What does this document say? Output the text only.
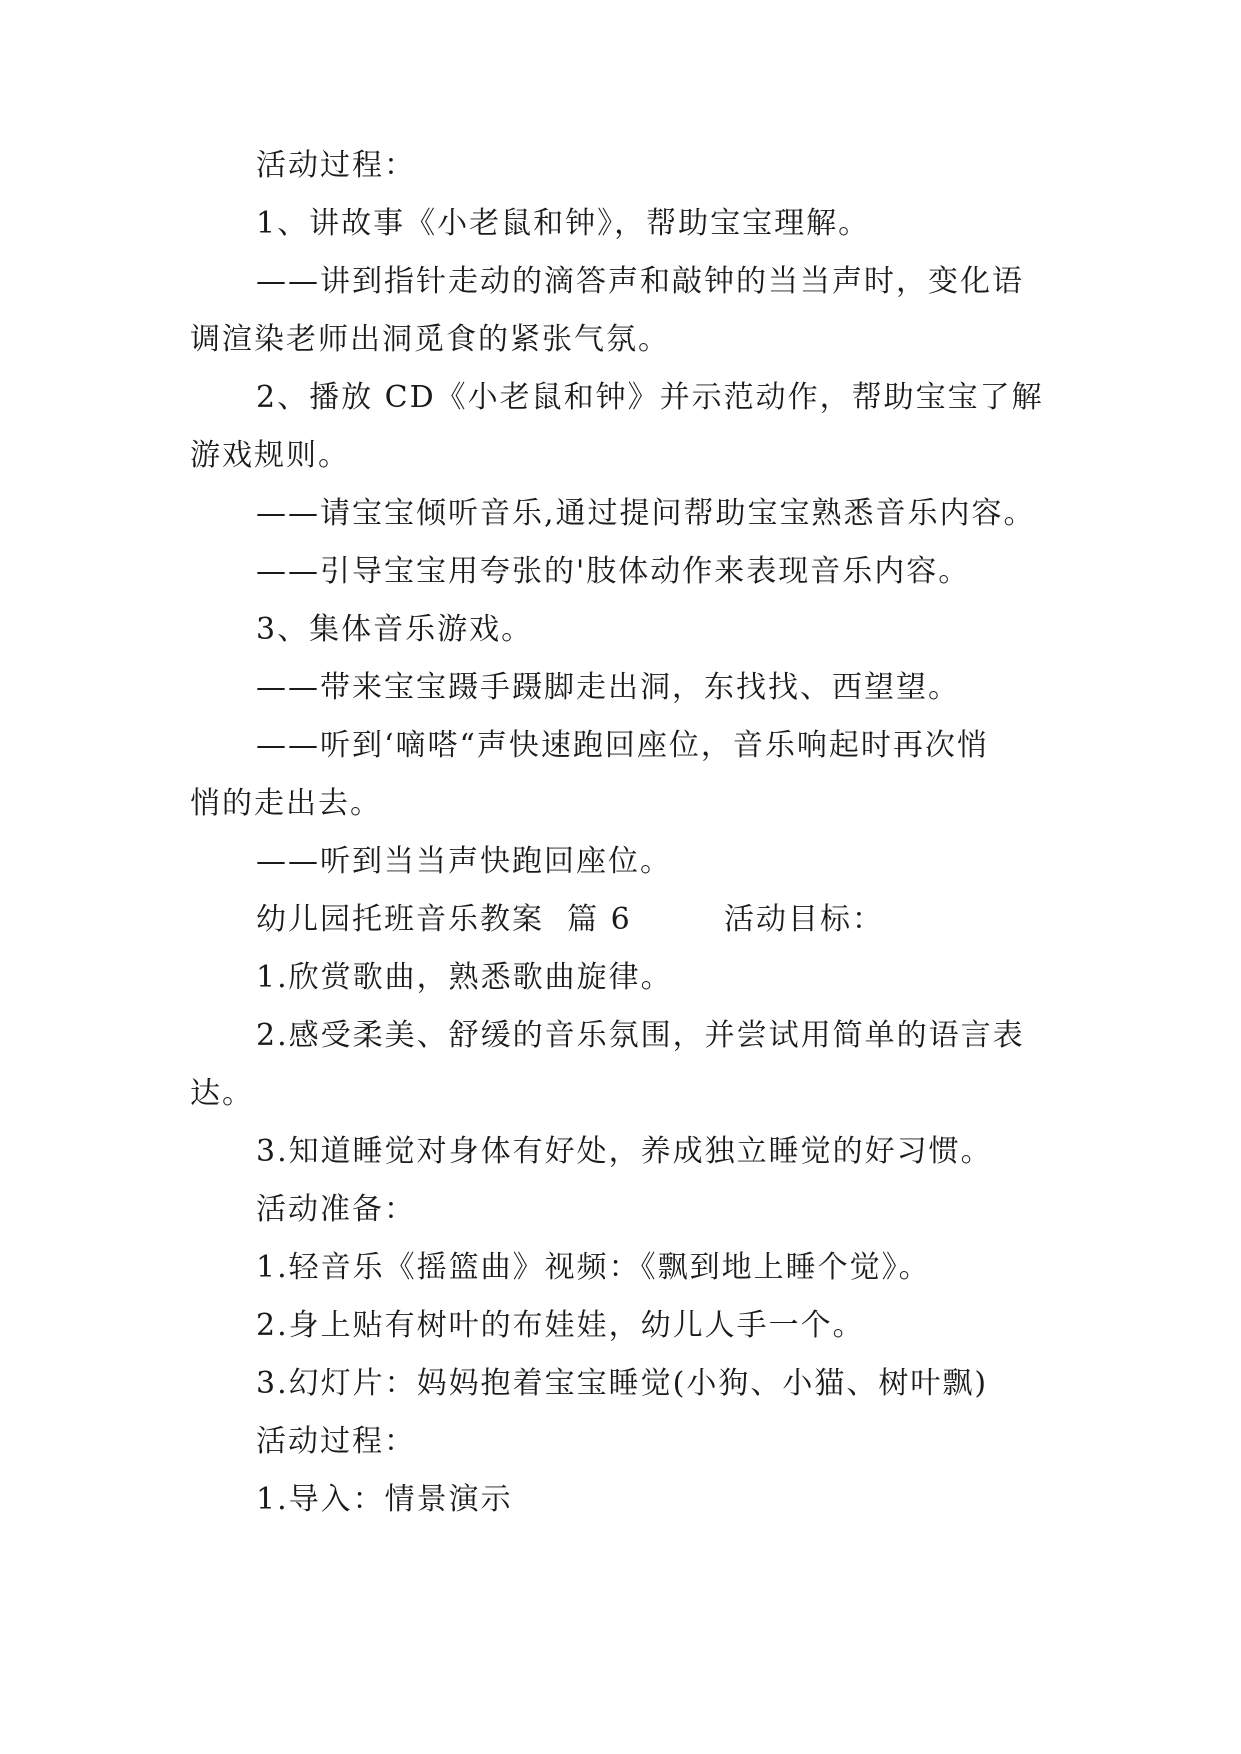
活动过程：

1、讲故事《小老鼠和钟》，帮助宝宝理解。

——讲到指针走动的滴答声和敲钟的当当声时，变化语

调渲染老师出洞觅食的紧张气氛。

2、播放 CD《小老鼠和钟》并示范动作，帮助宝宝了解

游戏规则。

——请宝宝倾听音乐,通过提问帮助宝宝熟悉音乐内容。

——引导宝宝用夸张的'肢体动作来表现音乐内容。

3、集体音乐游戏。

——带来宝宝蹑手蹑脚走出洞，东找找、西望望。

——听到‘嘀嗒“声快速跑回座位，音乐响起时再次悄

悄的走出去。

——听到当当声快跑回座位。

幼儿园托班音乐教案  篇 6        活动目标：

1.欣赏歌曲，熟悉歌曲旋律。

2.感受柔美、舒缓的音乐氛围，并尝试用简单的语言表

达。

3.知道睡觉对身体有好处，养成独立睡觉的好习惯。

活动准备：

1.轻音乐《摇篮曲》视频：《飘到地上睡个觉》。

2.身上贴有树叶的布娃娃，幼儿人手一个。

3.幻灯片：妈妈抱着宝宝睡觉(小狗、小猫、树叶飘)

活动过程：

1.导入：情景演示
